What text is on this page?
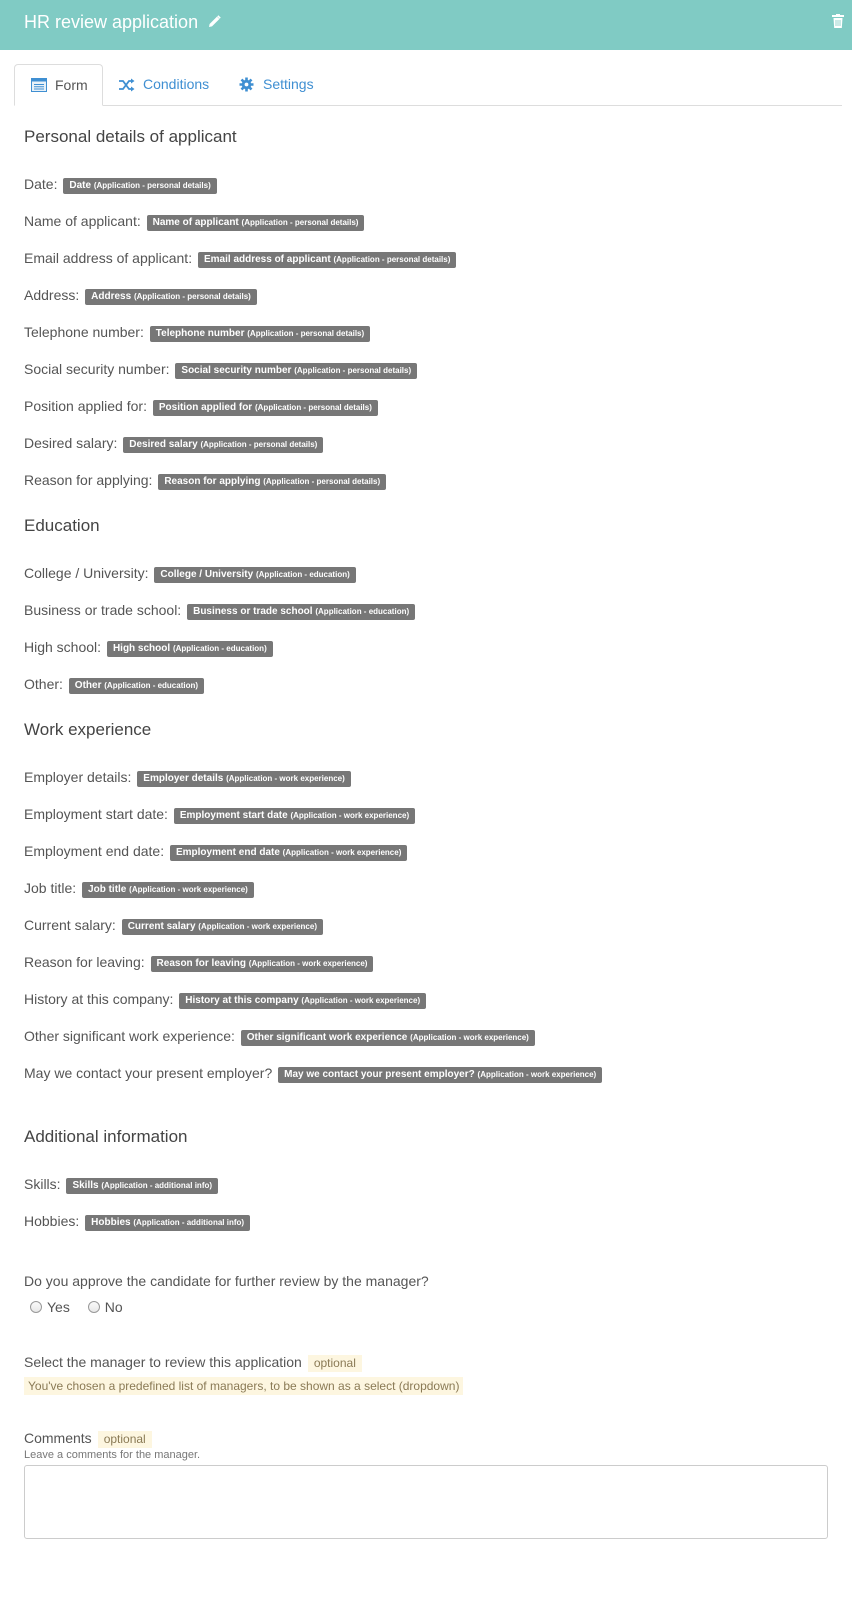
HR review application
Form	Conditions	Settings
Personal details of applicant
Date: Date (Application - personal details)
Name of applicant: Name of applicant (Application - personal details)
Email address of applicant: Email address of applicant (Application - personal details)
Address: Address (Application - personal details)
Telephone number: Telephone number (Application - personal details)
Social security number: Social security number (Application - personal details)
Position applied for: Position applied for (Application - personal details)
Desired salary: Desired salary (Application - personal details)
Reason for applying: Reason for applying (Application - personal details)
Education
College / University: College / University (Application - education)
Business or trade school: Business or trade school (Application - education)
High school: High school (Application - education)
Other: Other (Application - education)
Work experience
Employer details: Employer details (Application - work experience)
Employment start date: Employment start date (Application - work experience)
Employment end date: Employment end date (Application - work experience)
Job title: Job title (Application - work experience)
Current salary: Current salary (Application - work experience)
Reason for leaving: Reason for leaving (Application - work experience)
History at this company: History at this company (Application - work experience)
Other significant work experience: Other significant work experience (Application - work experience)
May we contact your present employer? May we contact your present employer? (Application - work experience)
Additional information
Skills: Skills (Application - additional info)
Hobbies: Hobbies (Application - additional info)
Do you approve the candidate for further review by the manager?
Yes No
Select the manager to review this application optional
You've chosen a predefined list of managers, to be shown as a select (dropdown)
Comments optional
Leave a comments for the manager.
